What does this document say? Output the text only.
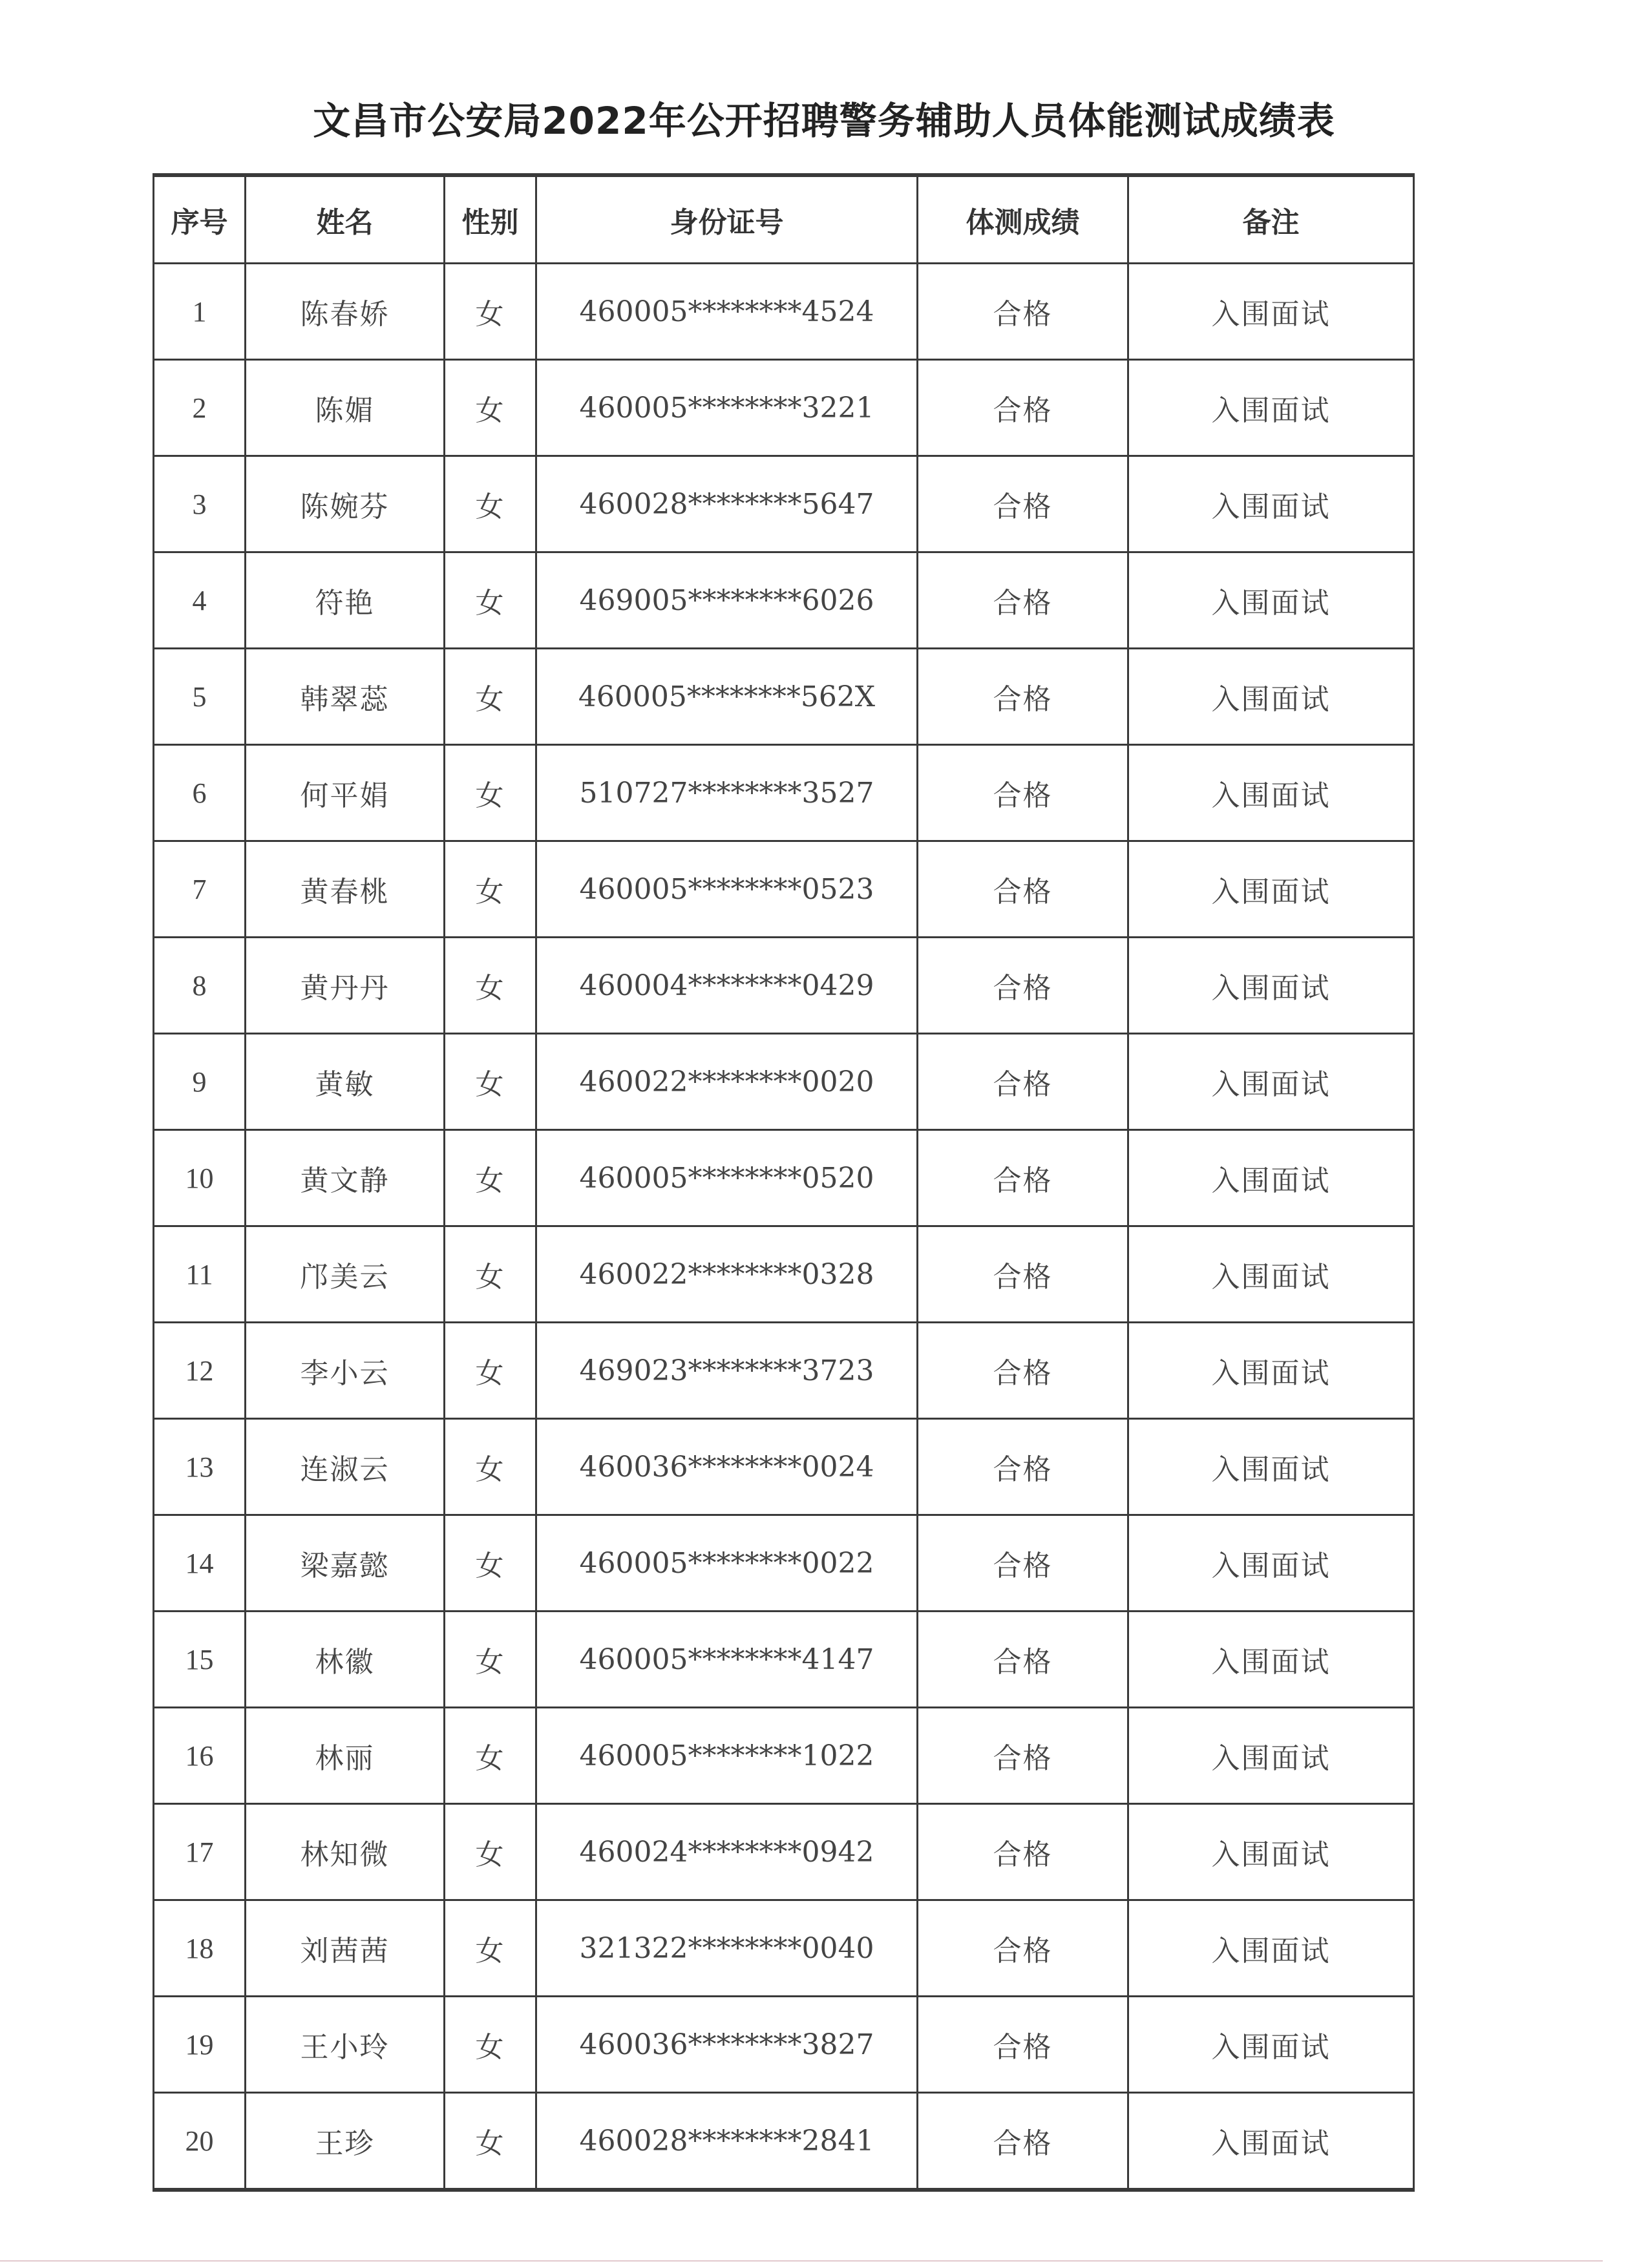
文昌市公安局2022年公开招聘警务辅助人员体能测试成绩表
序号	姓名	性别	身份证号	体测成绩	备注
1	陈春娇	女	460005********4524	合格	入围面试
2	陈媚	女	460005********3221	合格	入围面试
3	陈婉芬	女	460028********5647	合格	入围面试
4	符艳	女	469005********6026	合格	入围面试
5	韩翠蕊	女	460005********562X	合格	入围面试
6	何平娟	女	510727********3527	合格	入围面试
7	黄春桃	女	460005********0523	合格	入围面试
8	黄丹丹	女	460004********0429	合格	入围面试
9	黄敏	女	460022********0020	合格	入围面试
10	黄文静	女	460005********0520	合格	入围面试
11	邝美云	女	460022********0328	合格	入围面试
12	李小云	女	469023********3723	合格	入围面试
13	连淑云	女	460036********0024	合格	入围面试
14	梁嘉懿	女	460005********0022	合格	入围面试
15	林徽	女	460005********4147	合格	入围面试
16	林丽	女	460005********1022	合格	入围面试
17	林知微	女	460024********0942	合格	入围面试
18	刘茜茜	女	321322********0040	合格	入围面试
19	王小玲	女	460036********3827	合格	入围面试
20	王珍	女	460028********2841	合格	入围面试
